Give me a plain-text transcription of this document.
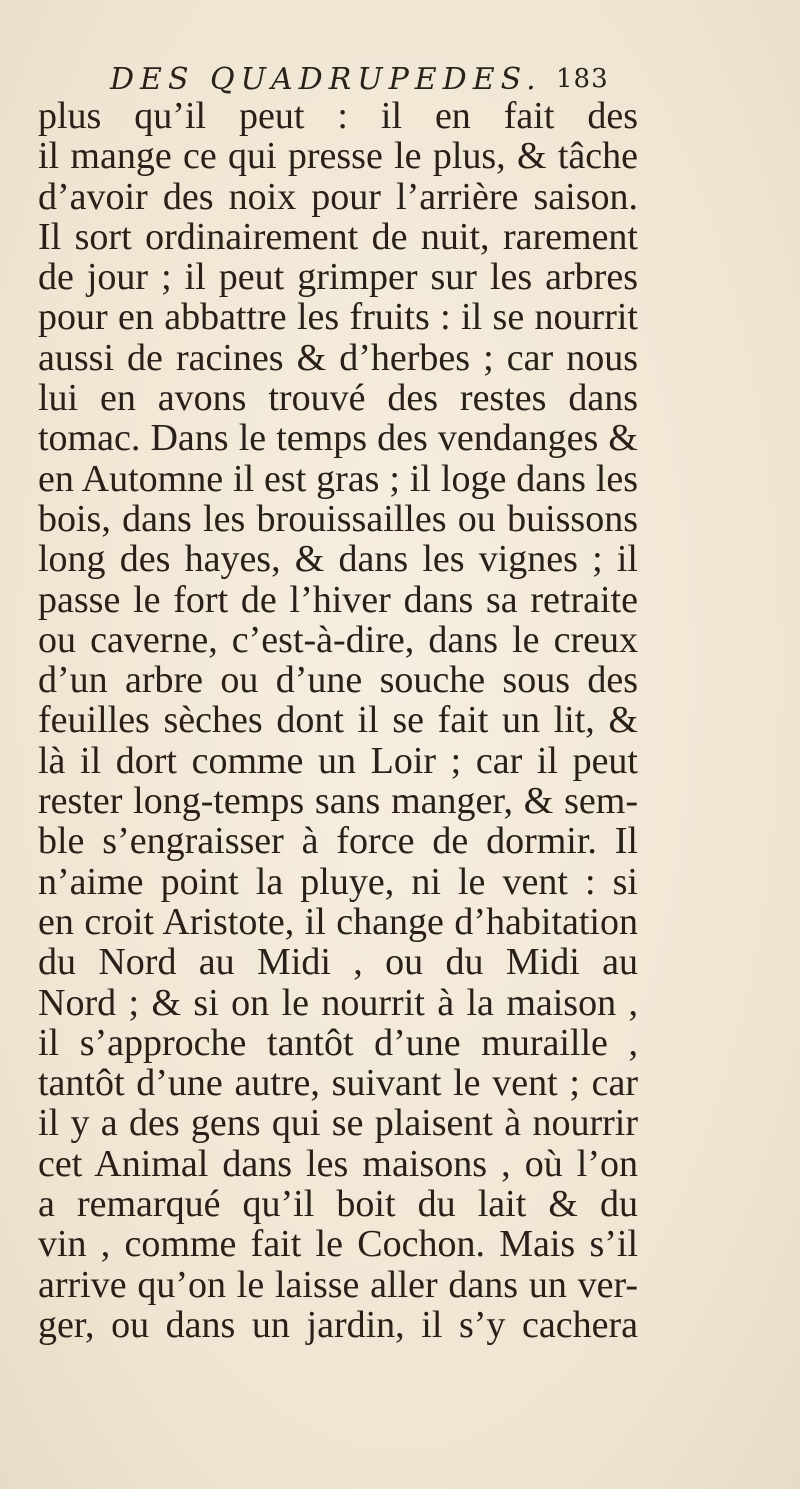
DES QUADRUPEDES. 183
plus qu’il peut : il en fait des
il mange ce qui presse le plus, & tâche
d’avoir des noix pour l’arrière saison.
Il sort ordinairement de nuit, rarement
de jour ; il peut grimper sur les arbres
pour en abbattre les fruits : il se nourrit
aussi de racines & d’herbes ; car nous
lui en avons trouvé des restes dans
tomac. Dans le temps des vendanges &
en Automne il est gras ; il loge dans les
bois, dans les brouissailles ou buissons
long des hayes, & dans les vignes ; il
passe le fort de l’hiver dans sa retraite
ou caverne, c’est-à-dire, dans le creux
d’un arbre ou d’une souche sous des
feuilles sèches dont il se fait un lit, &
là il dort comme un Loir ; car il peut
rester long-temps sans manger, & sem-
ble s’engraisser à force de dormir. Il
n’aime point la pluye, ni le vent : si
en croit Aristote, il change d’habitation
du Nord au Midi , ou du Midi au
Nord ; & si on le nourrit à la maison ,
il s’approche tantôt d’une muraille ,
tantôt d’une autre, suivant le vent ; car
il y a des gens qui se plaisent à nourrir
cet Animal dans les maisons , où l’on
a remarqué qu’il boit du lait & du
vin , comme fait le Cochon. Mais s’il
arrive qu’on le laisse aller dans un ver-
ger, ou dans un jardin, il s’y cachera
